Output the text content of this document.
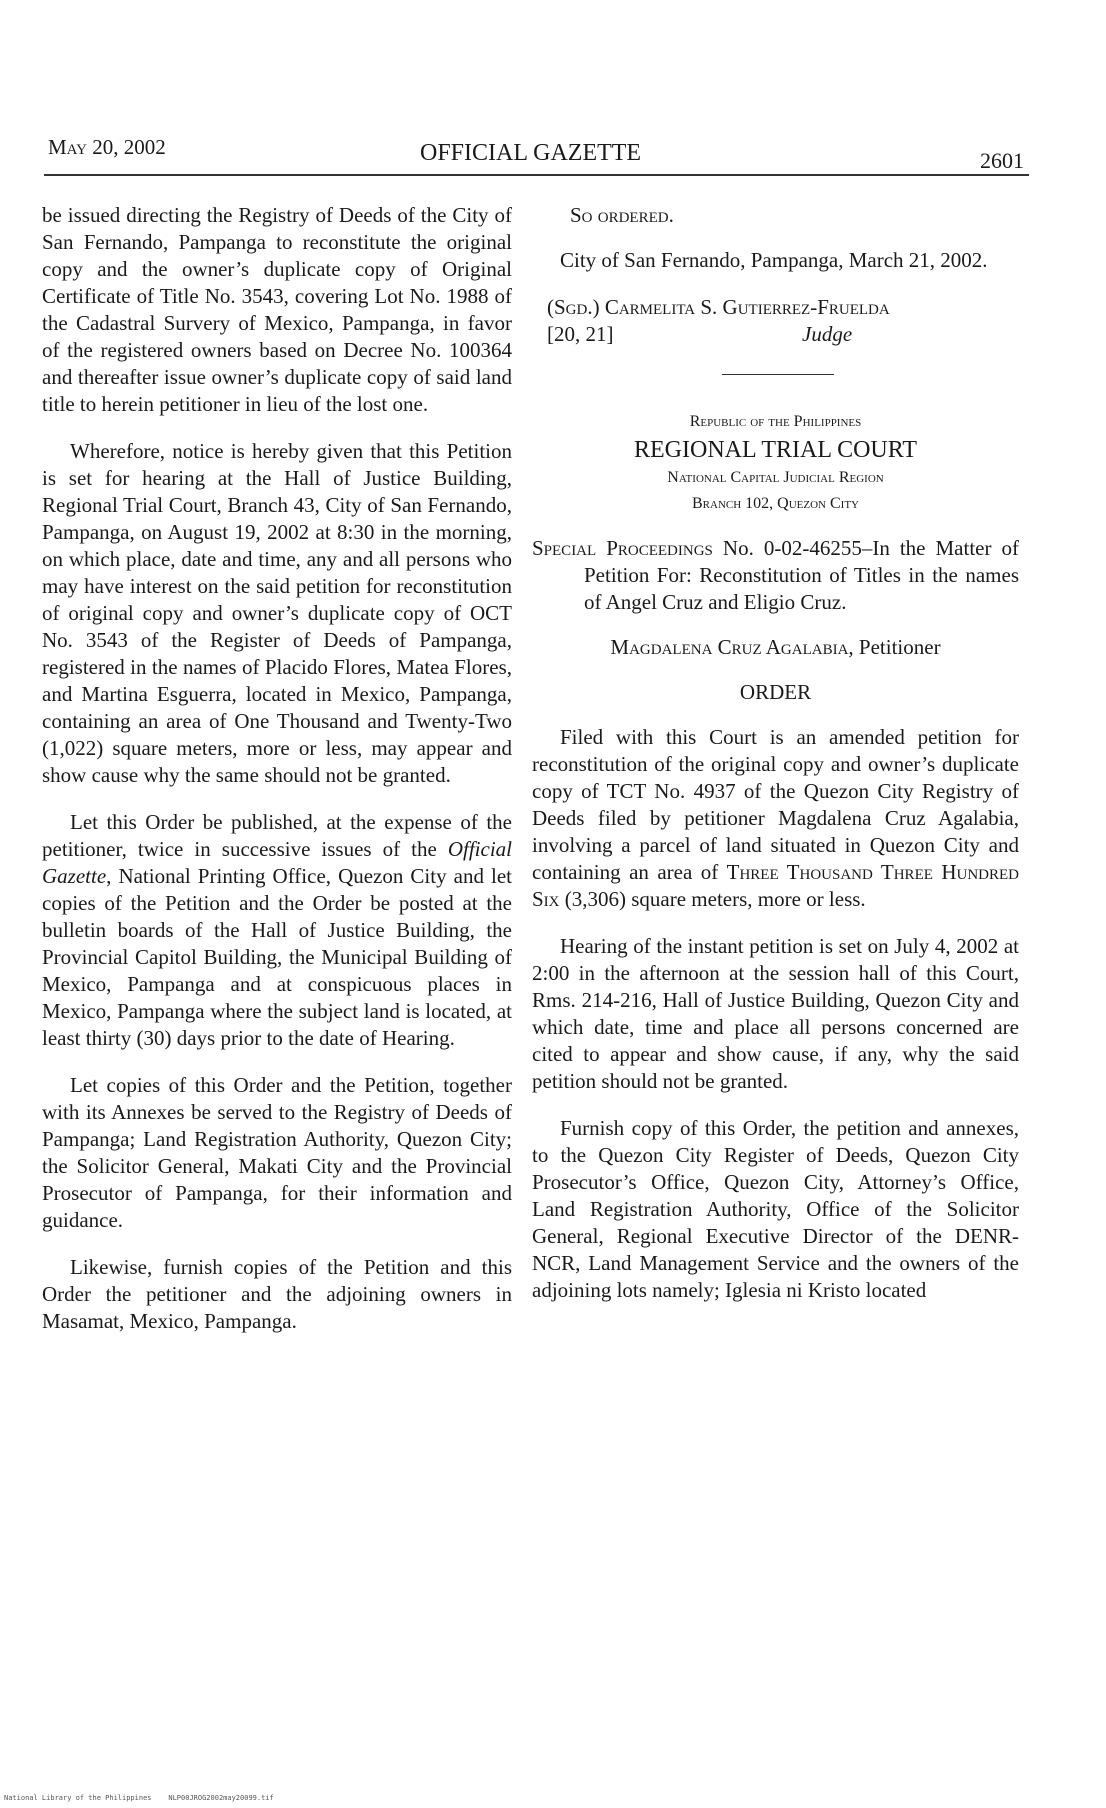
May 20, 2002	OFFICIAL GAZETTE	2601

be issued directing the Registry of Deeds of the City of San Fernando, Pampanga to reconstitute the original copy and the owner’s duplicate copy of Original Certificate of Title No. 3543, covering Lot No. 1988 of the Cadastral Survery of Mexico, Pampanga, in favor of the registered owners based on Decree No. 100364 and thereafter issue owner’s duplicate copy of said land title to herein petitioner in lieu of the lost one.

Wherefore, notice is hereby given that this Petition is set for hearing at the Hall of Justice Building, Regional Trial Court, Branch 43, City of San Fernando, Pampanga, on August 19, 2002 at 8:30 in the morning, on which place, date and time, any and all persons who may have interest on the said petition for reconstitution of original copy and owner’s duplicate copy of OCT No. 3543 of the Register of Deeds of Pampanga, registered in the names of Placido Flores, Matea Flores, and Martina Esguerra, located in Mexico, Pampanga, containing an area of One Thousand and Twenty-Two (1,022) square meters, more or less, may appear and show cause why the same should not be granted.

Let this Order be published, at the expense of the petitioner, twice in successive issues of the Official Gazette, National Printing Office, Quezon City and let copies of the Petition and the Order be posted at the bulletin boards of the Hall of Justice Building, the Provincial Capitol Building, the Municipal Building of Mexico, Pampanga and at conspicuous places in Mexico, Pampanga where the subject land is located, at least thirty (30) days prior to the date of Hearing.

Let copies of this Order and the Petition, together with its Annexes be served to the Registry of Deeds of Pampanga; Land Registration Authority, Quezon City; the Solicitor General, Makati City and the Provincial Prosecutor of Pampanga, for their information and guidance.

Likewise, furnish copies of the Petition and this Order the petitioner and the adjoining owners in Masamat, Mexico, Pampanga.

So ordered.

City of San Fernando, Pampanga, March 21, 2002.

(Sgd.) Carmelita S. Gutierrez-Fruelda
[20, 21]	Judge

Republic of the Philippines

REGIONAL TRIAL COURT

National Capital Judicial Region

Branch 102, Quezon City

Special Proceedings No. 0-02-46255–In the Matter of Petition For: Reconstitution of Titles in the names of Angel Cruz and Eligio Cruz.

Magdalena Cruz Agalabia, Petitioner

ORDER

Filed with this Court is an amended petition for reconstitution of the original copy and owner’s duplicate copy of TCT No. 4937 of the Quezon City Registry of Deeds filed by petitioner Magdalena Cruz Agalabia, involving a parcel of land situated in Quezon City and containing an area of Three Thousand Three Hundred Six (3,306) square meters, more or less.

Hearing of the instant petition is set on July 4, 2002 at 2:00 in the afternoon at the session hall of this Court, Rms. 214-216, Hall of Justice Building, Quezon City and which date, time and place all persons concerned are cited to appear and show cause, if any, why the said petition should not be granted.

Furnish copy of this Order, the petition and annexes, to the Quezon City Register of Deeds, Quezon City Prosecutor’s Office, Quezon City, Attorney’s Office, Land Registration Authority, Office of the Solicitor General, Regional Executive Director of the DENR-NCR, Land Management Service and the owners of the adjoining lots namely; Iglesia ni Kristo located

National Library of the Philippines NLP00JROG2002may20099.tif
